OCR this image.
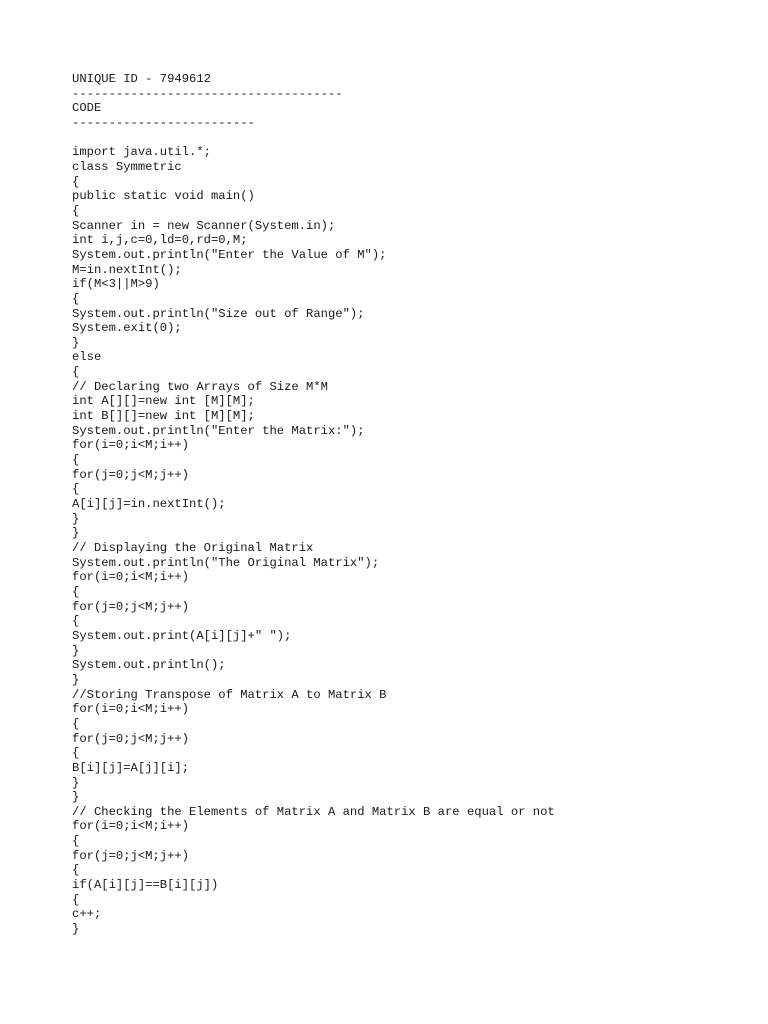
UNIQUE ID - 7949612
-------------------------------------
CODE
-------------------------
import java.util.*;
class Symmetric
{
public static void main()
{
Scanner in = new Scanner(System.in);
int i,j,c=0,ld=0,rd=0,M;
System.out.println("Enter the Value of M");
M=in.nextInt();
if(M<3||M>9)
{
System.out.println("Size out of Range");
System.exit(0);
}
else
{
// Declaring two Arrays of Size M*M
int A[][]=new int [M][M];
int B[][]=new int [M][M];
System.out.println("Enter the Matrix:");
for(i=0;i<M;i++)
{
for(j=0;j<M;j++)
{
A[i][j]=in.nextInt();
}
}
// Displaying the Original Matrix
System.out.println("The Original Matrix");
for(i=0;i<M;i++)
{
for(j=0;j<M;j++)
{
System.out.print(A[i][j]+" ");
}
System.out.println();
}
//Storing Transpose of Matrix A to Matrix B
for(i=0;i<M;i++)
{
for(j=0;j<M;j++)
{
B[i][j]=A[j][i];
}
}
// Checking the Elements of Matrix A and Matrix B are equal or not
for(i=0;i<M;i++)
{
for(j=0;j<M;j++)
{
if(A[i][j]==B[i][j])
{
c++;
}
